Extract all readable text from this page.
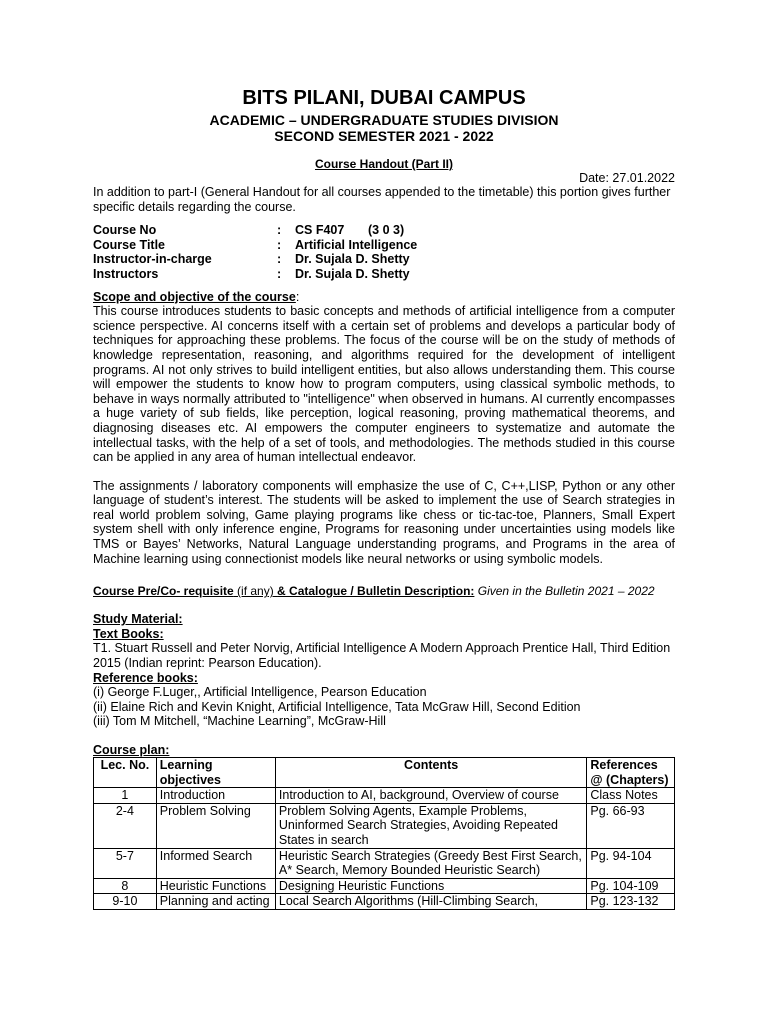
BITS PILANI, DUBAI CAMPUS
ACADEMIC – UNDERGRADUATE STUDIES DIVISION
SECOND SEMESTER 2021 - 2022
Course Handout (Part II)
Date: 27.01.2022

In addition to part-I (General Handout for all courses appended to the timetable) this portion gives further specific details regarding the course.

Course No	:	CS F407 (3 0 3)
Course Title	:	Artificial Intelligence
Instructor-in-charge	:	Dr. Sujala D. Shetty
Instructors	:	Dr. Sujala D. Shetty
Scope and objective of the course:

This course introduces students to basic concepts and methods of artificial intelligence from a computer science perspective. AI concerns itself with a certain set of problems and develops a particular body of techniques for approaching these problems. The focus of the course will be on the study of methods of knowledge representation, reasoning, and algorithms required for the development of intelligent programs. AI not only strives to build intelligent entities, but also allows understanding them. This course will empower the students to know how to program computers, using classical symbolic methods, to behave in ways normally attributed to "intelligence" when observed in humans. AI currently encompasses a huge variety of sub fields, like perception, logical reasoning, proving mathematical theorems, and diagnosing diseases etc. AI empowers the computer engineers to systematize and automate the intellectual tasks, with the help of a set of tools, and methodologies. The methods studied in this course can be applied in any area of human intellectual endeavor.

The assignments / laboratory components will emphasize the use of C, C++,LISP, Python or any other language of student’s interest. The students will be asked to implement the use of Search strategies in real world problem solving, Game playing programs like chess or tic-tac-toe, Planners, Small Expert system shell with only inference engine, Programs for reasoning under uncertainties using models like TMS or Bayes’ Networks, Natural Language understanding programs, and Programs in the area of Machine learning using connectionist models like neural networks or using symbolic models.

Course Pre/Co- requisite (if any) & Catalogue / Bulletin Description: Given in the Bulletin 2021 – 2022
Study Material:
Text Books:
T1. Stuart Russell and Peter Norvig, Artificial Intelligence A Modern Approach Prentice Hall, Third Edition 2015 (Indian reprint: Pearson Education).
Reference books:
(i) George F.Luger,, Artificial Intelligence, Pearson Education
(ii) Elaine Rich and Kevin Knight, Artificial Intelligence, Tata McGraw Hill, Second Edition
(iii) Tom M Mitchell, “Machine Learning”, McGraw-Hill
Course plan:
Lec. No.	Learning objectives	Contents	References @ (Chapters)
1	Introduction	Introduction to AI, background, Overview of course	Class Notes
2-4	Problem Solving	Problem Solving Agents, Example Problems, Uninformed Search Strategies, Avoiding Repeated States in search	Pg. 66-93
5-7	Informed Search	Heuristic Search Strategies (Greedy Best First Search, A* Search, Memory Bounded Heuristic Search)	Pg. 94-104
8	Heuristic Functions	Designing Heuristic Functions	Pg. 104-109
9-10	Planning and acting	Local Search Algorithms (Hill-Climbing Search,	Pg. 123-132
